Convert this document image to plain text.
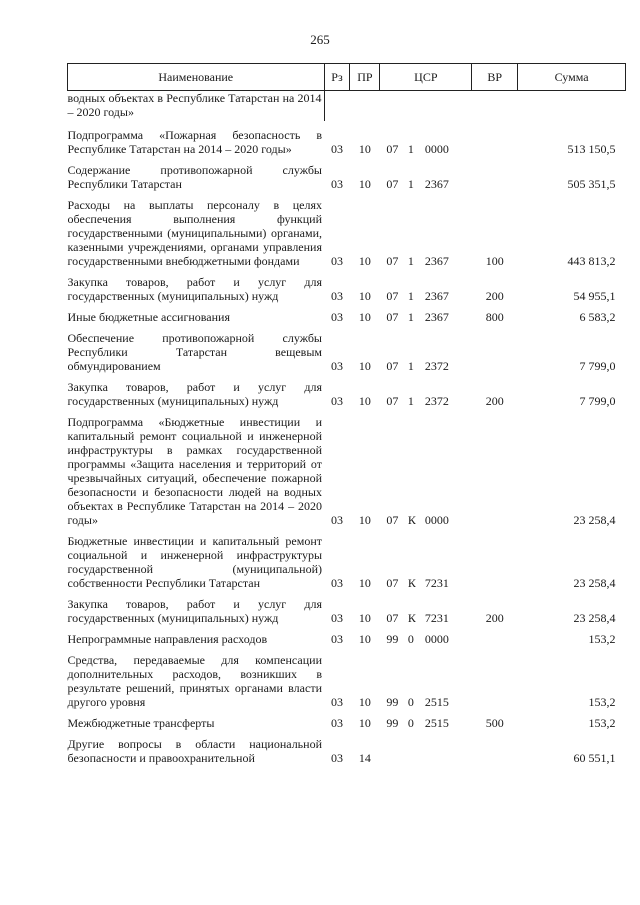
265
Наименование	Рз	ПР	ЦСР			ВР	Сумма
водных объектах в Республике Татарстан на 2014 – 2020 годы»							
Подпрограмма «Пожарная безопасность в Республике Татарстан на 2014 – 2020 годы»	03	10	07	1	0000		513 150,5
Содержание противопожарной службы Республики Татарстан	03	10	07	1	2367		505 351,5
Расходы на выплаты персоналу в целях обеспечения выполнения функций государственными (муниципальными) органами, казенными учреждениями, органами управления государственными внебюджетными фондами	03	10	07	1	2367	100	443 813,2
Закупка товаров, работ и услуг для государственных (муниципальных) нужд	03	10	07	1	2367	200	54 955,1
Иные бюджетные ассигнования	03	10	07	1	2367	800	6 583,2
Обеспечение противопожарной службы Республики Татарстан вещевым обмундированием	03	10	07	1	2372		7 799,0
Закупка товаров, работ и услуг для государственных (муниципальных) нужд	03	10	07	1	2372	200	7 799,0
Подпрограмма «Бюджетные инвестиции и капитальный ремонт социальной и инженерной инфраструктуры в рамках государственной программы «Защита населения и территорий от чрезвычайных ситуаций, обеспечение пожарной безопасности и безопасности людей на водных объектах в Республике Татарстан на 2014 – 2020 годы»	03	10	07	К	0000		23 258,4
Бюджетные инвестиции и капитальный ремонт социальной и инженерной инфраструктуры государственной (муниципальной) собственности Республики Татарстан	03	10	07	К	7231		23 258,4
Закупка товаров, работ и услуг для государственных (муниципальных) нужд	03	10	07	К	7231	200	23 258,4
Непрограммные направления расходов	03	10	99	0	0000		153,2
Средства, передаваемые для компенсации дополнительных расходов, возникших в результате решений, принятых органами власти другого уровня	03	10	99	0	2515		153,2
Межбюджетные трансферты	03	10	99	0	2515	500	153,2
Другие вопросы в области национальной безопасности и правоохранительной	03	14					60 551,1
